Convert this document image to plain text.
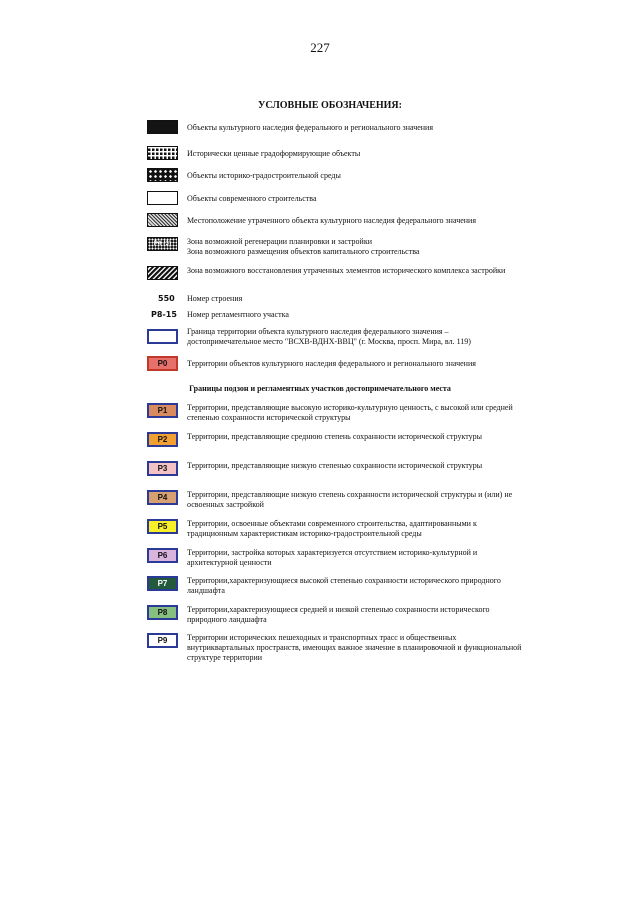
227
УСЛОВНЫЕ ОБОЗНАЧЕНИЯ:
Объекты культурного наследия федерального и регионального значения
Исторически ценные градоформирующие объекты
Объекты историко-градостроительной среды
Объекты современного строительства
Местоположение утраченного объекта культурного наследия федерального значения
Р4 (3)	Зона возможной регенерации планировки и застройки
Зона возможного размещения объектов капитального строительства
Зона возможного восстановления утраченных элементов исторического комплекса застройки
550 Номер строения
Р8-15 Номер регламентного участка
Граница территории объекта культурного наследия федерального значения – достопримечательное место "ВСХВ-ВДНХ-ВВЦ" (г. Москва, просп. Мира, вл. 119)
Р0	Территории объектов культурного наследия федерального и регионального значения
Границы подзон и регламентных участков достопримечательного места
Р1	Территории, представляющие высокую историко-культурную ценность, с высокой или средней степенью сохранности исторической структуры
Р2	Территории, представляющие среднюю степень сохранности исторической структуры
Р3	Территории, представляющие низкую степенью сохранности исторической структуры
Р4	Территории, представляющие низкую степень сохранности исторической структуры и (или) не освоенных застройкой
Р5	Территории, освоенные объектами современного строительства, адаптированными к традиционным характеристикам историко-градостроительной среды
Р6	Территории, застройка которых характеризуется отсутствием историко-культурной и архитектурной ценности
Р7	Территории,характеризующиеся высокой степенью сохранности исторического природного ландшафта
Р8	Территории,характеризующиеся средней и низкой степенью сохранности исторического природного ландшафта
Р9	Территории исторических пешеходных и транспортных трасс и общественных внутриквартальных пространств, имеющих важное значение в планировочной и функциональной структуре территории
